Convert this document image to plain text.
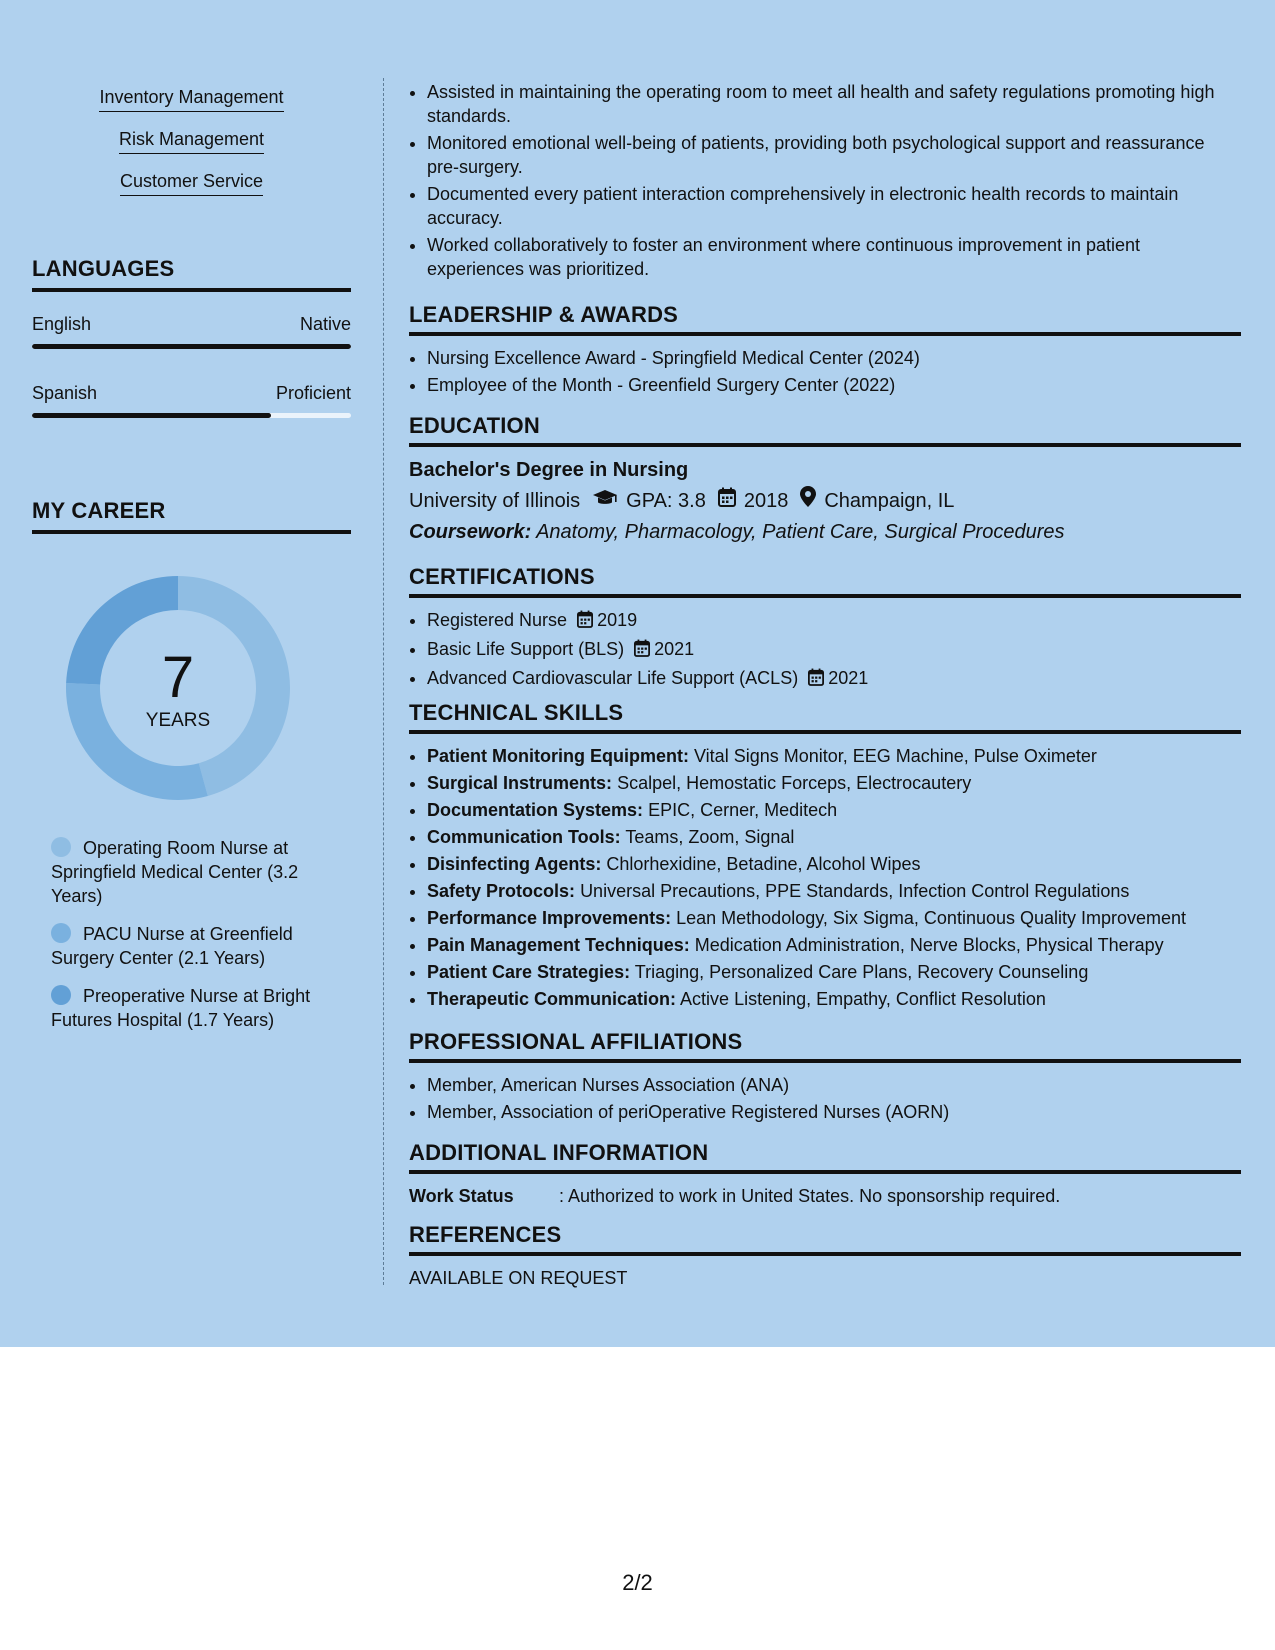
Inventory Management
Risk Management
Customer Service
LANGUAGES
English	Native
Spanish	Proficient
MY CAREER
7
YEARS
Operating Room Nurse at Springfield Medical Center (3.2 Years)
PACU Nurse at Greenfield Surgery Center (2.1 Years)
Preoperative Nurse at Bright Futures Hospital (1.7 Years)
• Assisted in maintaining the operating room to meet all health and safety regulations promoting high standards.
• Monitored emotional well-being of patients, providing both psychological support and reassurance pre-surgery.
• Documented every patient interaction comprehensively in electronic health records to maintain accuracy.
• Worked collaboratively to foster an environment where continuous improvement in patient experiences was prioritized.
LEADERSHIP & AWARDS
• Nursing Excellence Award - Springfield Medical Center (2024)
• Employee of the Month - Greenfield Surgery Center (2022)
EDUCATION
Bachelor's Degree in Nursing
University of Illinois GPA: 3.8 2018 Champaign, IL
Coursework: Anatomy, Pharmacology, Patient Care, Surgical Procedures
CERTIFICATIONS
• Registered Nurse 2019
• Basic Life Support (BLS) 2021
• Advanced Cardiovascular Life Support (ACLS) 2021
TECHNICAL SKILLS
• Patient Monitoring Equipment: Vital Signs Monitor, EEG Machine, Pulse Oximeter
• Surgical Instruments: Scalpel, Hemostatic Forceps, Electrocautery
• Documentation Systems: EPIC, Cerner, Meditech
• Communication Tools: Teams, Zoom, Signal
• Disinfecting Agents: Chlorhexidine, Betadine, Alcohol Wipes
• Safety Protocols: Universal Precautions, PPE Standards, Infection Control Regulations
• Performance Improvements: Lean Methodology, Six Sigma, Continuous Quality Improvement
• Pain Management Techniques: Medication Administration, Nerve Blocks, Physical Therapy
• Patient Care Strategies: Triaging, Personalized Care Plans, Recovery Counseling
• Therapeutic Communication: Active Listening, Empathy, Conflict Resolution
PROFESSIONAL AFFILIATIONS
• Member, American Nurses Association (ANA)
• Member, Association of periOperative Registered Nurses (AORN)
ADDITIONAL INFORMATION
Work Status	: Authorized to work in United States. No sponsorship required.
REFERENCES
AVAILABLE ON REQUEST
2/2
